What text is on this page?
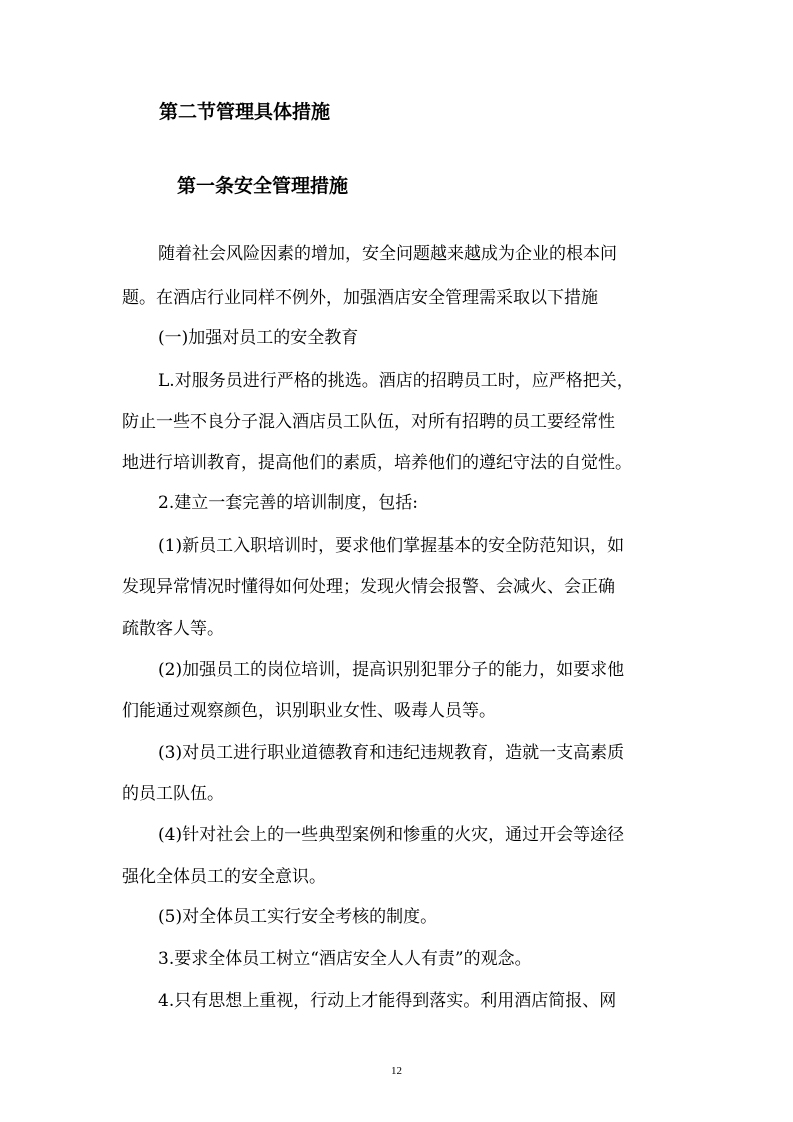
第二节管理具体措施
第一条安全管理措施
随着社会风险因素的增加，安全问题越来越成为企业的根本问
题。在酒店行业同样不例外，加强酒店安全管理需采取以下措施
(一)加强对员工的安全教育
L.对服务员进行严格的挑选。酒店的招聘员工时，应严格把关，
防止一些不良分子混入酒店员工队伍，对所有招聘的员工要经常性
地进行培训教育，提高他们的素质，培养他们的遵纪守法的自觉性。
2.建立一套完善的培训制度，包括:
(1)新员工入职培训时，要求他们掌握基本的安全防范知识，如
发现异常情况时懂得如何处理；发现火情会报警、会减火、会正确
疏散客人等。
(2)加强员工的岗位培训，提高识别犯罪分子的能力，如要求他
们能通过观察颜色，识别职业女性、吸毒人员等。
(3)对员工进行职业道德教育和违纪违规教育，造就一支高素质
的员工队伍。
(4)针对社会上的一些典型案例和惨重的火灾，通过开会等途径
强化全体员工的安全意识。
(5)对全体员工实行安全考核的制度。
3.要求全体员工树立“酒店安全人人有责”的观念。
4.只有思想上重视，行动上才能得到落实。利用酒店简报、网
12
